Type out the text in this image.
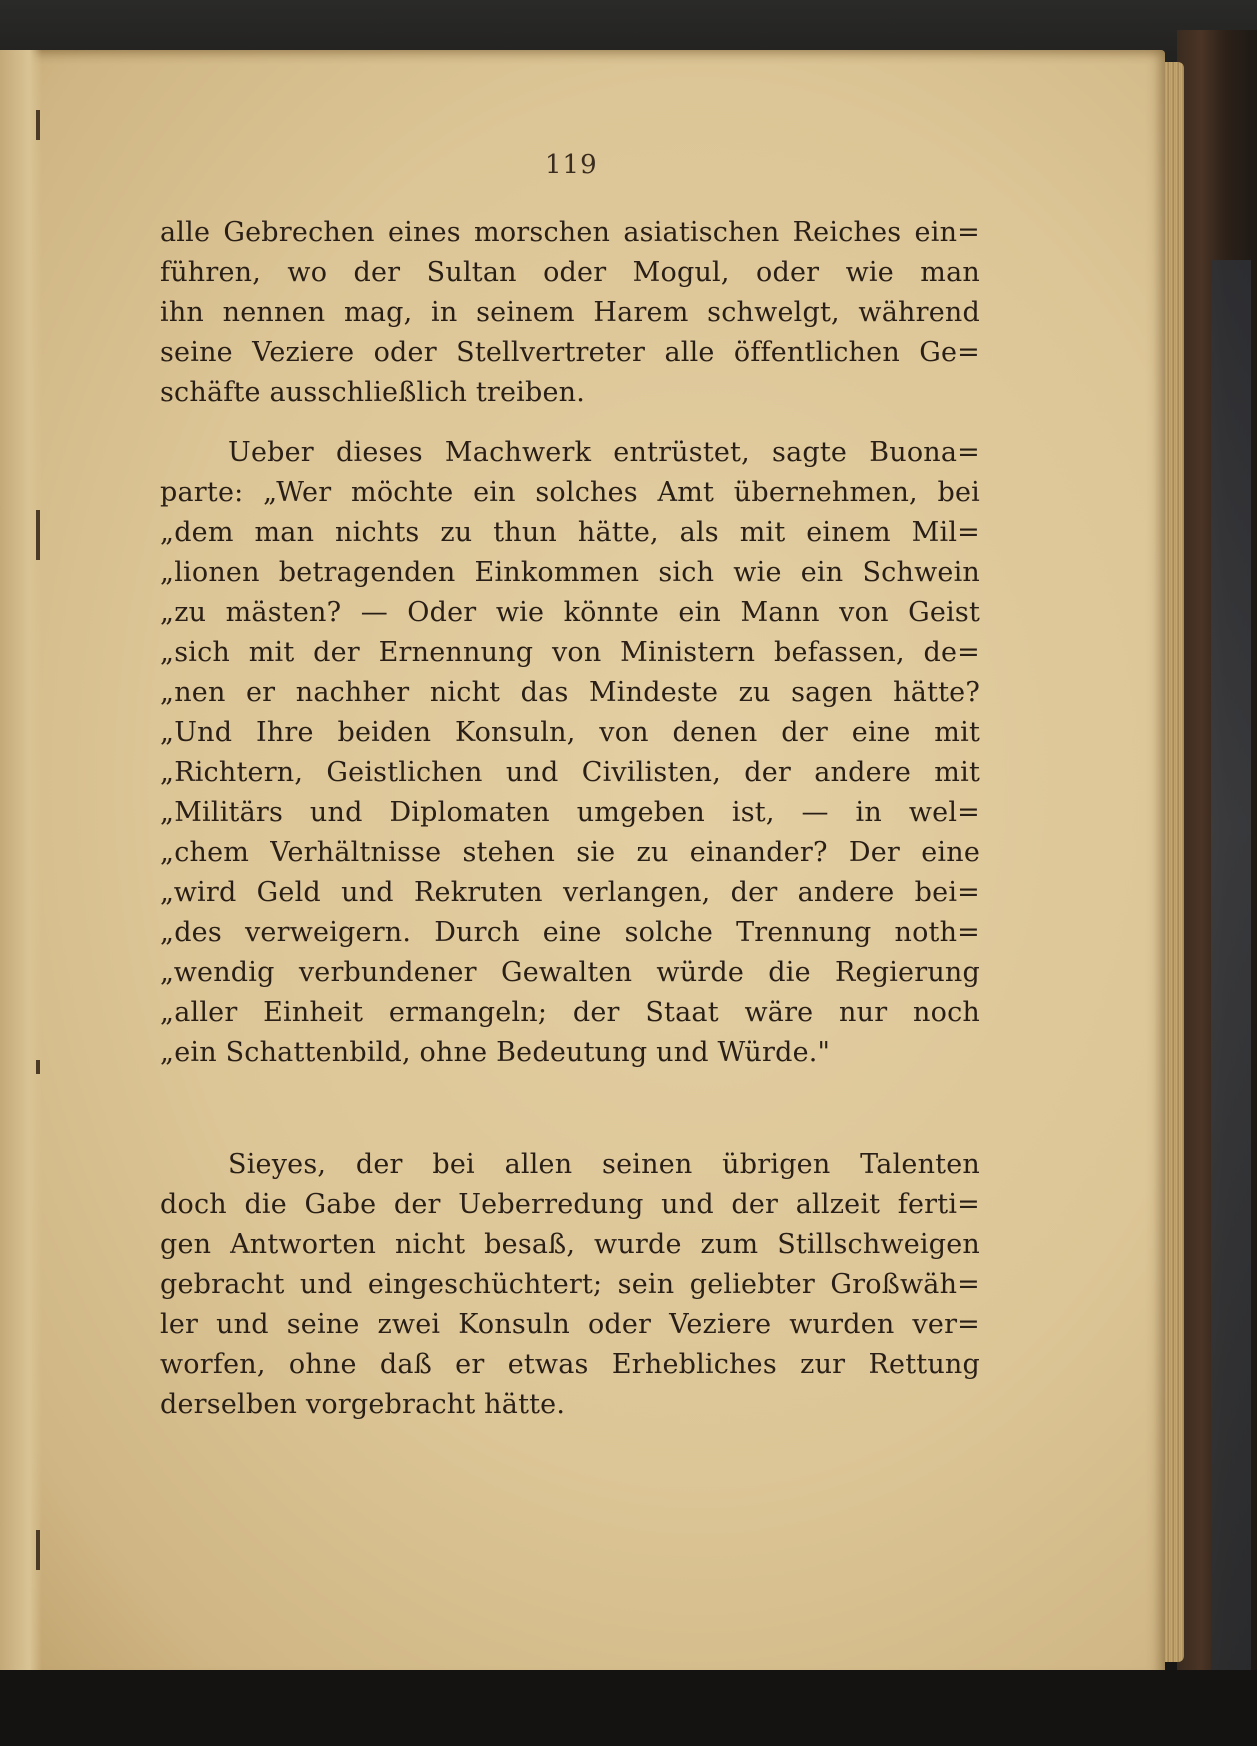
119
alle Gebrechen eines morschen asiatischen Reiches ein=
führen, wo der Sultan oder Mogul, oder wie man
ihn nennen mag, in seinem Harem schwelgt, während
seine Veziere oder Stellvertreter alle öffentlichen Ge=
schäfte ausschließlich treiben.
Ueber dieses Machwerk entrüstet, sagte Buona=
parte: „Wer möchte ein solches Amt übernehmen, bei
„dem man nichts zu thun hätte, als mit einem Mil=
„lionen betragenden Einkommen sich wie ein Schwein
„zu mästen? — Oder wie könnte ein Mann von Geist
„sich mit der Ernennung von Ministern befassen, de=
„nen er nachher nicht das Mindeste zu sagen hätte?
„Und Ihre beiden Konsuln, von denen der eine mit
„Richtern, Geistlichen und Civilisten, der andere mit
„Militärs und Diplomaten umgeben ist, — in wel=
„chem Verhältnisse stehen sie zu einander? Der eine
„wird Geld und Rekruten verlangen, der andere bei=
„des verweigern. Durch eine solche Trennung noth=
„wendig verbundener Gewalten würde die Regierung
„aller Einheit ermangeln; der Staat wäre nur noch
„ein Schattenbild, ohne Bedeutung und Würde."
Sieyes, der bei allen seinen übrigen Talenten
doch die Gabe der Ueberredung und der allzeit ferti=
gen Antworten nicht besaß, wurde zum Stillschweigen
gebracht und eingeschüchtert; sein geliebter Großwäh=
ler und seine zwei Konsuln oder Veziere wurden ver=
worfen, ohne daß er etwas Erhebliches zur Rettung
derselben vorgebracht hätte.
